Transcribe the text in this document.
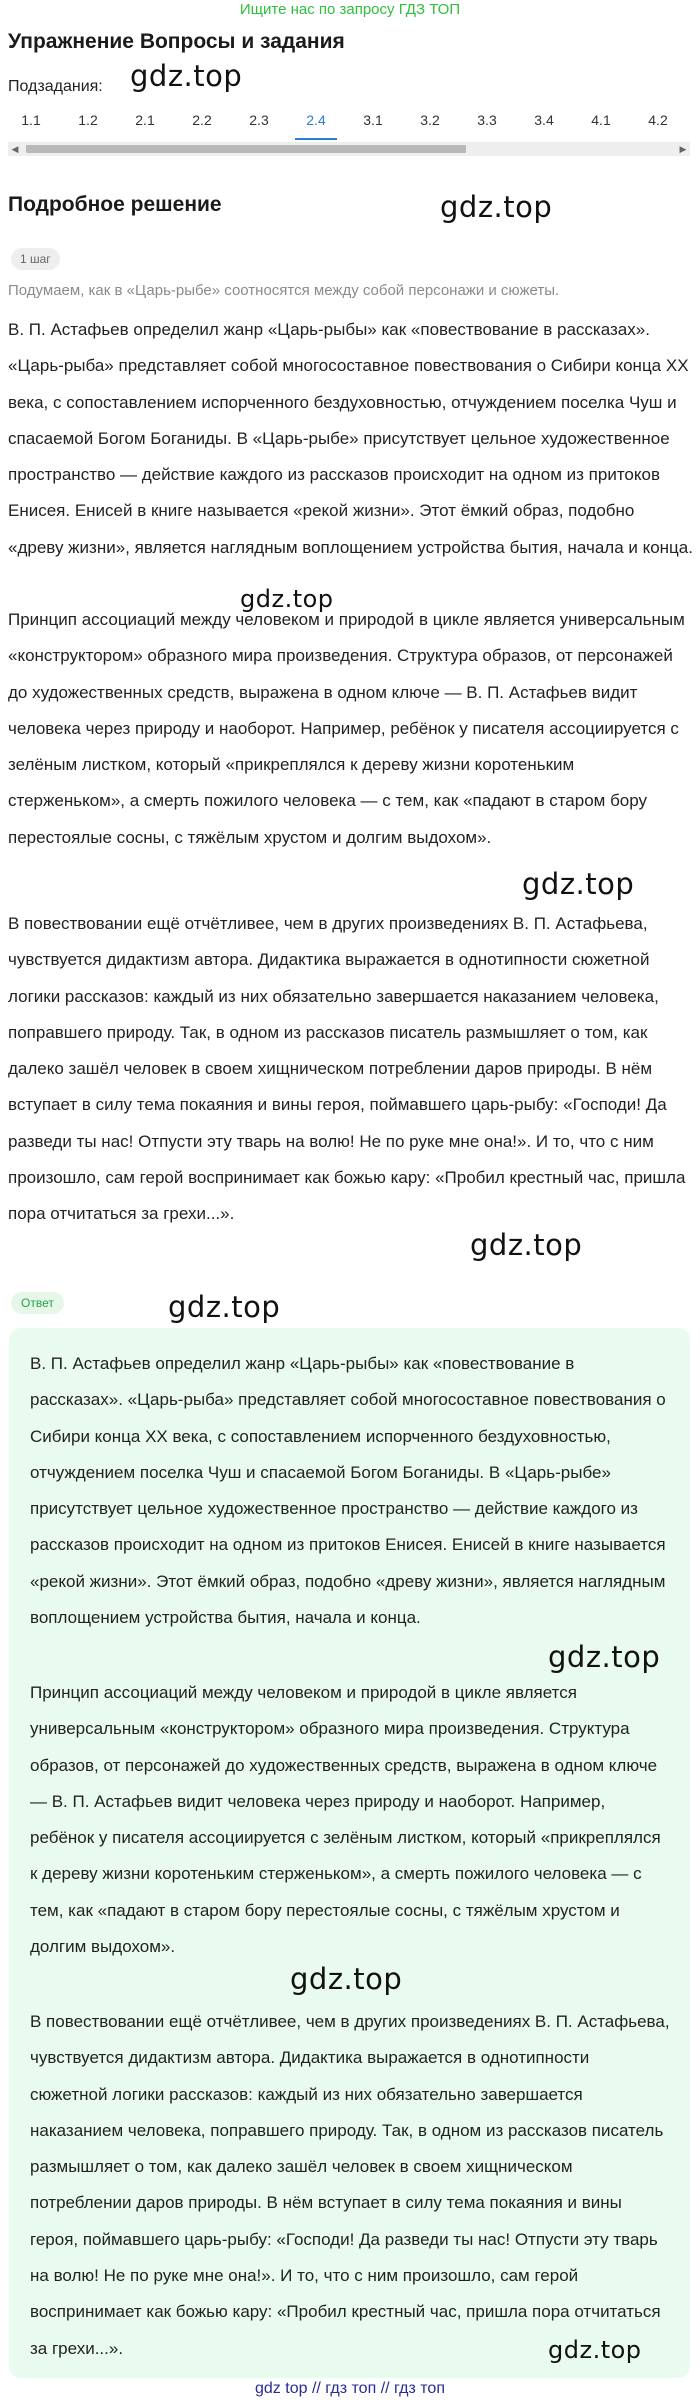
Ищите нас по запросу ГДЗ ТОП
Упражнение Вопросы и задания
Подзадания: gdz.top
1.1	1.2	2.1	2.2	2.3	2.4	3.1	3.2	3.3	3.4	4.1	4.2
◀	▶
Подробное решение	gdz.top
1 шаг
Подумаем, как в «Царь-рыбе» соотносятся между собой персонажи и сюжеты.

В. П. Астафьев определил жанр «Царь-рыбы» как «повествование в рассказах». «Царь-рыба» представляет собой многосоставное повествования о Сибири конца XX века, с сопоставлением испорченного бездуховностью, отчуждением поселка Чуш и спасаемой Богом Боганиды. В «Царь-рыбе» присутствует цельное художественное пространство — действие каждого из рассказов происходит на одном из притоков Енисея. Енисей в книге называется «рекой жизни». Этот ёмкий образ, подобно «древу жизни», является наглядным воплощением устройства бытия, начала и конца.

gdz.top

Принцип ассоциаций между человеком и природой в цикле является универсальным «конструктором» образного мира произведения. Структура образов, от персонажей до художественных средств, выражена в одном ключе — В. П. Астафьев видит человека через природу и наоборот. Например, ребёнок у писателя ассоциируется с зелёным листком, который «прикреплялся к дереву жизни коротеньким стерженьком», а смерть пожилого человека — с тем, как «падают в старом бору перестоялые сосны, с тяжёлым хрустом и долгим выдохом».

gdz.top

В повествовании ещё отчётливее, чем в других произведениях В. П. Астафьева, чувствуется дидактизм автора. Дидактика выражается в однотипности сюжетной логики рассказов: каждый из них обязательно завершается наказанием человека, поправшего природу. Так, в одном из рассказов писатель размышляет о том, как далеко зашёл человек в своем хищническом потреблении даров природы. В нём вступает в силу тема покаяния и вины героя, поймавшего царь-рыбу: «Господи! Да разведи ты нас! Отпусти эту тварь на волю! Не по руке мне она!». И то, что с ним произошло, сам герой воспринимает как божью кару: «Пробил крестный час, пришла пора отчитаться за грехи...».

gdz.top
Ответ	gdz.top

В. П. Астафьев определил жанр «Царь-рыбы» как «повествование в рассказах». «Царь-рыба» представляет собой многосоставное повествования о Сибири конца XX века, с сопоставлением испорченного бездуховностью, отчуждением поселка Чуш и спасаемой Богом Боганиды. В «Царь-рыбе» присутствует цельное художественное пространство — действие каждого из рассказов происходит на одном из притоков Енисея. Енисей в книге называется «рекой жизни». Этот ёмкий образ, подобно «древу жизни», является наглядным воплощением устройства бытия, начала и конца.

gdz.top

Принцип ассоциаций между человеком и природой в цикле является универсальным «конструктором» образного мира произведения. Структура образов, от персонажей до художественных средств, выражена в одном ключе — В. П. Астафьев видит человека через природу и наоборот. Например, ребёнок у писателя ассоциируется с зелёным листком, который «прикреплялся к дереву жизни коротеньким стерженьком», а смерть пожилого человека — с тем, как «падают в старом бору перестоялые сосны, с тяжёлым хрустом и долгим выдохом».

gdz.top

В повествовании ещё отчётливее, чем в других произведениях В. П. Астафьева, чувствуется дидактизм автора. Дидактика выражается в однотипности сюжетной логики рассказов: каждый из них обязательно завершается наказанием человека, поправшего природу. Так, в одном из рассказов писатель размышляет о том, как далеко зашёл человек в своем хищническом потреблении даров природы. В нём вступает в силу тема покаяния и вины героя, поймавшего царь-рыбу: «Господи! Да разведи ты нас! Отпусти эту тварь на волю! Не по руке мне она!». И то, что с ним произошло, сам герой воспринимает как божью кару: «Пробил крестный час, пришла пора отчитаться за грехи...».	gdz.top
gdz top // гдз топ // гдз топ
